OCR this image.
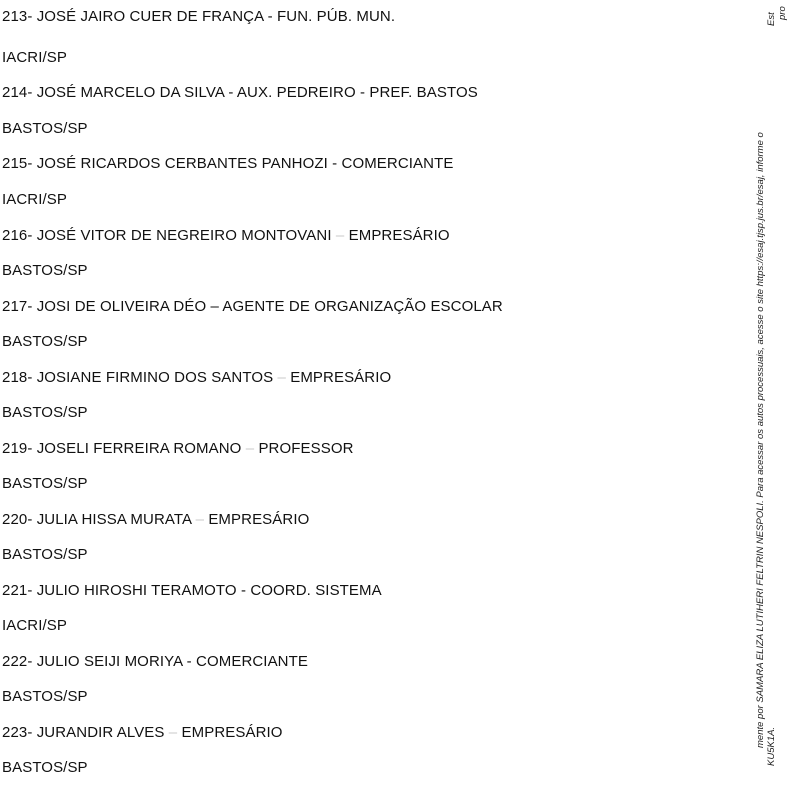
213- JOSÉ JAIRO CUER DE FRANÇA - FUN. PÚB. MUN.
IACRI/SP
214- JOSÉ MARCELO DA SILVA - AUX. PEDREIRO - PREF. BASTOS
BASTOS/SP
215- JOSÉ RICARDOS CERBANTES PANHOZI - COMERCIANTE
IACRI/SP
216- JOSÉ VITOR DE NEGREIRO MONTOVANI – EMPRESÁRIO
BASTOS/SP
217- JOSI DE OLIVEIRA DÉO – AGENTE DE ORGANIZAÇÃO ESCOLAR
BASTOS/SP
218- JOSIANE FIRMINO DOS SANTOS – EMPRESÁRIO
BASTOS/SP
219- JOSELI FERREIRA ROMANO – PROFESSOR
BASTOS/SP
220- JULIA HISSA MURATA – EMPRESÁRIO
BASTOS/SP
221- JULIO HIROSHI TERAMOTO - COORD. SISTEMA
IACRI/SP
222- JULIO SEIJI MORIYA - COMERCIANTE
BASTOS/SP
223- JURANDIR ALVES – EMPRESÁRIO
BASTOS/SP
mente por SAMARA ELIZA LUTIHERI FELTRIN NESPOLI. Para acessar os autos processuais, acesse o site https://esaj.tjsp.jus.br/esaj, informe o KU5K1A.
Est pro
